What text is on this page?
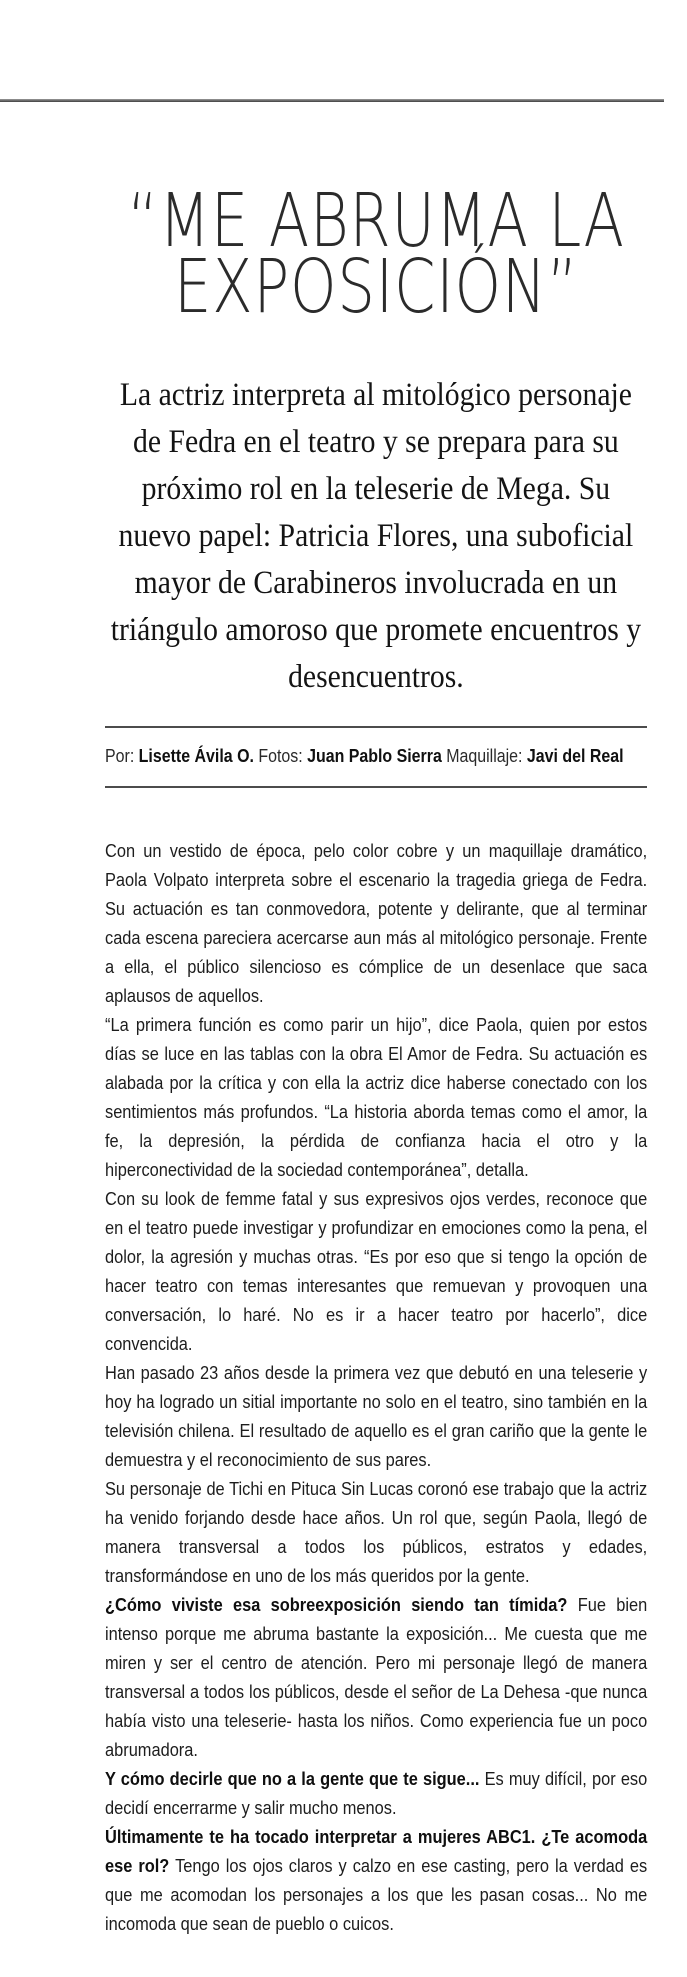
“ME ABRUMA LA
EXPOSICIÓN”

La actriz interpreta al mitológico personaje de Fedra en el teatro y se prepara para su próximo rol en la teleserie de Mega. Su nuevo papel: Patricia Flores, una suboficial mayor de Carabineros involucrada en un triángulo amoroso que promete encuentros y desencuentros.

Por: Lisette Ávila O. Fotos: Juan Pablo Sierra Maquillaje: Javi del Real

Con un vestido de época, pelo color cobre y un maquillaje dramático, Paola Volpato interpreta sobre el escenario la tragedia griega de Fedra. Su actuación es tan conmovedora, potente y delirante, que al terminar cada escena pareciera acercarse aun más al mitológico personaje. Frente a ella, el público silencioso es cómplice de un desenlace que saca aplausos de aquellos.

“La primera función es como parir un hijo”, dice Paola, quien por estos días se luce en las tablas con la obra El Amor de Fedra. Su actuación es alabada por la crítica y con ella la actriz dice haberse conectado con los sentimientos más profundos. “La historia aborda temas como el amor, la fe, la depresión, la pérdida de confianza hacia el otro y la hiperconectividad de la sociedad contemporánea”, detalla.

Con su look de femme fatal y sus expresivos ojos verdes, reconoce que en el teatro puede investigar y profundizar en emociones como la pena, el dolor, la agresión y muchas otras. “Es por eso que si tengo la opción de hacer teatro con temas interesantes que remuevan y provoquen una conversación, lo haré. No es ir a hacer teatro por hacerlo”, dice convencida.

Han pasado 23 años desde la primera vez que debutó en una teleserie y hoy ha logrado un sitial importante no solo en el teatro, sino también en la televisión chilena. El resultado de aquello es el gran cariño que la gente le demuestra y el reconocimiento de sus pares.

Su personaje de Tichi en Pituca Sin Lucas coronó ese trabajo que la actriz ha venido forjando desde hace años. Un rol que, según Paola, llegó de manera transversal a todos los públicos, estratos y edades, transformándose en uno de los más queridos por la gente.

¿Cómo viviste esa sobreexposición siendo tan tímida? Fue bien intenso porque me abruma bastante la exposición... Me cuesta que me miren y ser el centro de atención. Pero mi personaje llegó de manera transversal a todos los públicos, desde el señor de La Dehesa -que nunca había visto una teleserie- hasta los niños. Como experiencia fue un poco abrumadora.

Y cómo decirle que no a la gente que te sigue... Es muy difícil, por eso decidí encerrarme y salir mucho menos.

Últimamente te ha tocado interpretar a mujeres ABC1. ¿Te acomoda ese rol? Tengo los ojos claros y calzo en ese casting, pero la verdad es que me acomodan los personajes a los que les pasan cosas... No me incomoda que sean de pueblo o cuicos.
